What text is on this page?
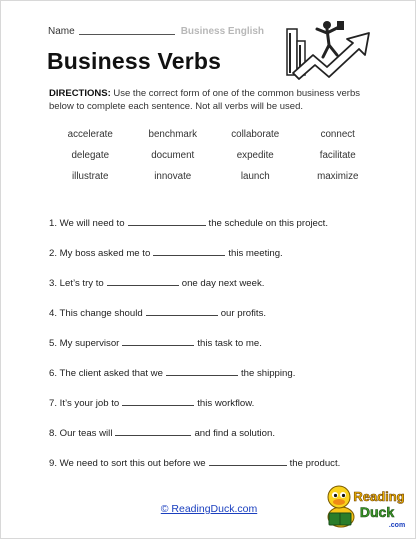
Name	Business English
Business Verbs
DIRECTIONS: Use the correct form of one of the common business verbs below to complete each sentence. Not all verbs will be used.
accelerate	benchmark	collaborate	connect
delegate	document	expedite	facilitate
illustrate	innovate	launch	maximize
1. We will need to	the schedule on this project.
2. My boss asked me to	this meeting.
3. Let’s try to	one day next week.
4. This change should	our profits.
5. My supervisor	this task to me.
6. The client asked that we	the shipping.
7. It’s your job to	this workflow.
8. Our teas will	and find a solution.
9. We need to sort this out before we	the product.
© ReadingDuck.com
Reading
Duck
.com
